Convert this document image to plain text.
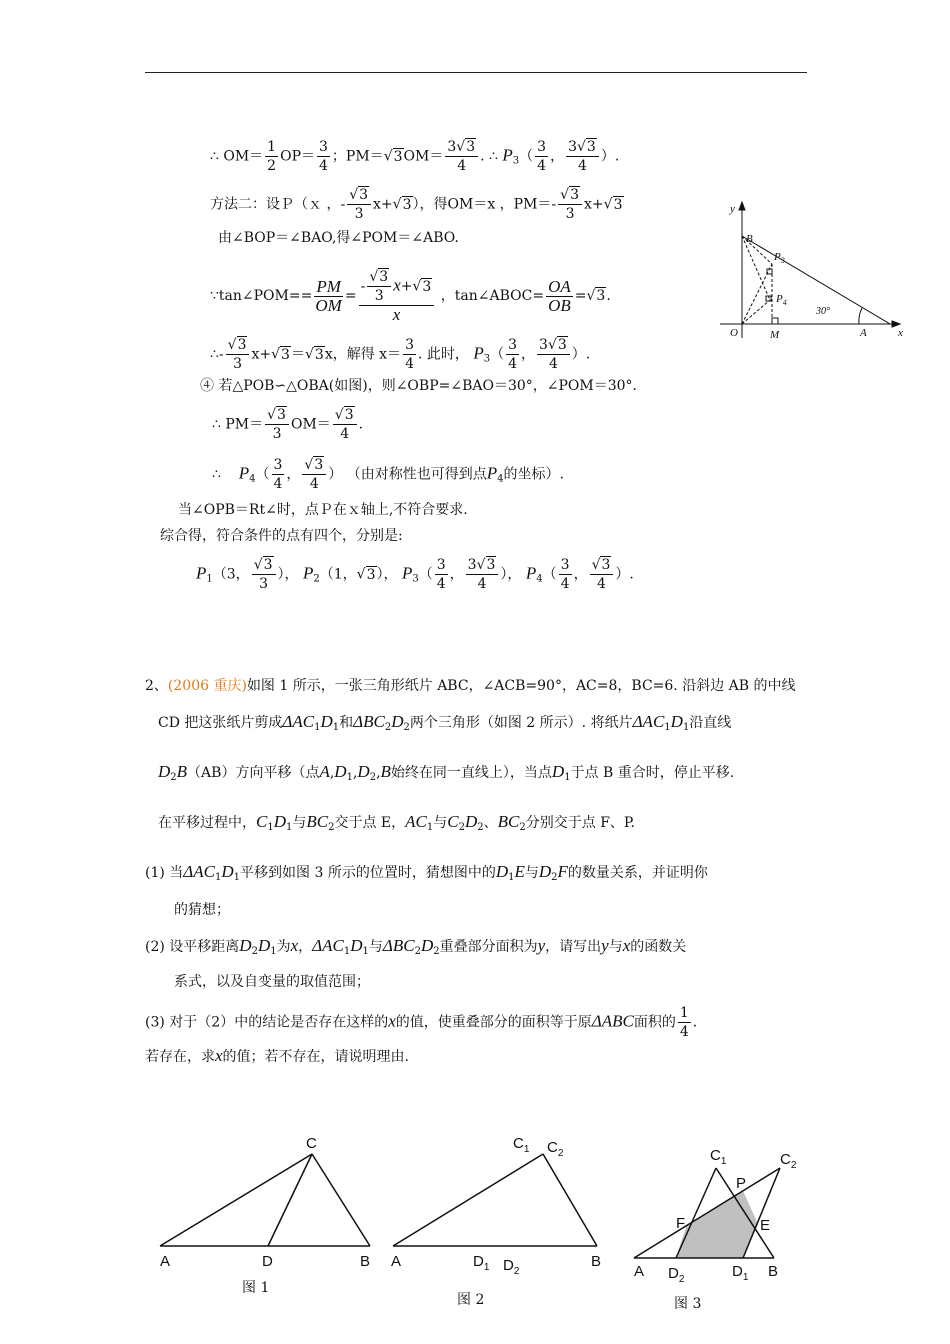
∴ $OM= \frac{1}{2} OP= \frac{3}{4}$ ；$PM=√3OM= \frac{3√3}{4}$ . ∴ $P_3( \frac{3}{4}$ ， $\frac{3√3}{4}$ ）.
方法二：设Ｐ（ｘ ，- $\frac{√3}{3} x+√3$），得OM＝x ，$PM=- \frac{√3}{3} x+√3$
由∠BOP＝∠BAO,得∠POM＝∠ABO.
∵tan∠POM== $\frac{PM}{OM} = \frac{- \frac{√3}{3} x+√3}{x}$ ，tan∠ABOC= $\frac{OA}{OB} =√3$.
∴- $\frac{√3}{3} x+√3=√3x$，解得 $x= \frac{3}{4}$ . 此时， $P_3( \frac{3}{4}$ ， $\frac{3√3}{4}$ ）.
④ 若△POB∽△OBA(如图)，则∠OBP=∠BAO＝30°，∠POM＝30°．
∴ $PM= \frac{√3}{3} OM= \frac{√3}{4}$ .
∴ $P_4( \frac{3}{4}$ ， $\frac{√3}{4}$ ） （由对称性也可得到点$P_4$的坐标）.
当∠OPB＝Rt∠时，点Ｐ在ｘ轴上,不符合要求.
综合得，符合条件的点有四个，分别是:
$P_1(3$， $\frac{√3}{3}$ ）， $P_2(1$，√3）， $P_3( \frac{3}{4}$ ， $\frac{3√3}{4}$ ）， $P_4( \frac{3}{4}$ ， $\frac{√3}{4}$ ）.
y
x
O
B
A
M
$P_3$
$P_4$
30°
2、(2006 重庆)如图 1 所示，一张三角形纸片 ABC，∠ACB=90°，AC=8，BC=6. 沿斜边 AB 的中线
CD 把这张纸片剪成$\Delta AC_1D_1$和$\Delta BC_2D_2$两个三角形（如图 2 所示）. 将纸片$\Delta AC_1D_1$沿直线
$D_2B(AB)$方向平移（点$A,D_1,D_2,B$始终在同一直线上），当点$D_1$于点 B 重合时，停止平移.
在平移过程中，$C_1D_1$与$BC_2$交于点 E，$AC_1$与$C_2D_2$、$BC_2$分别交于点 F、P.
(1) 当$\Delta AC_1D_1$平移到如图 3 所示的位置时，猜想图中的$D_1E$与$D_2F$的数量关系，并证明你
的猜想；
(2) 设平移距离$D_2D_1$为x，$\Delta AC_1D_1$与$\Delta BC_2D_2$重叠部分面积为y，请写出y与x的函数关
系式，以及自变量的取值范围；
(3) 对于（2）中的结论是否存在这样的x的值，使重叠部分的面积等于原ΔABC面积的 $\frac{1}{4}$ .
若存在，求x的值；若不存在，请说明理由.
C
A	D	B
图 1
$C_1$ $C_2$
A	$D_1$ $D_2$
B
图 2
$C_1$	$C_2$
P
F	E
A $D_2$	$D_1$ B
图 3
